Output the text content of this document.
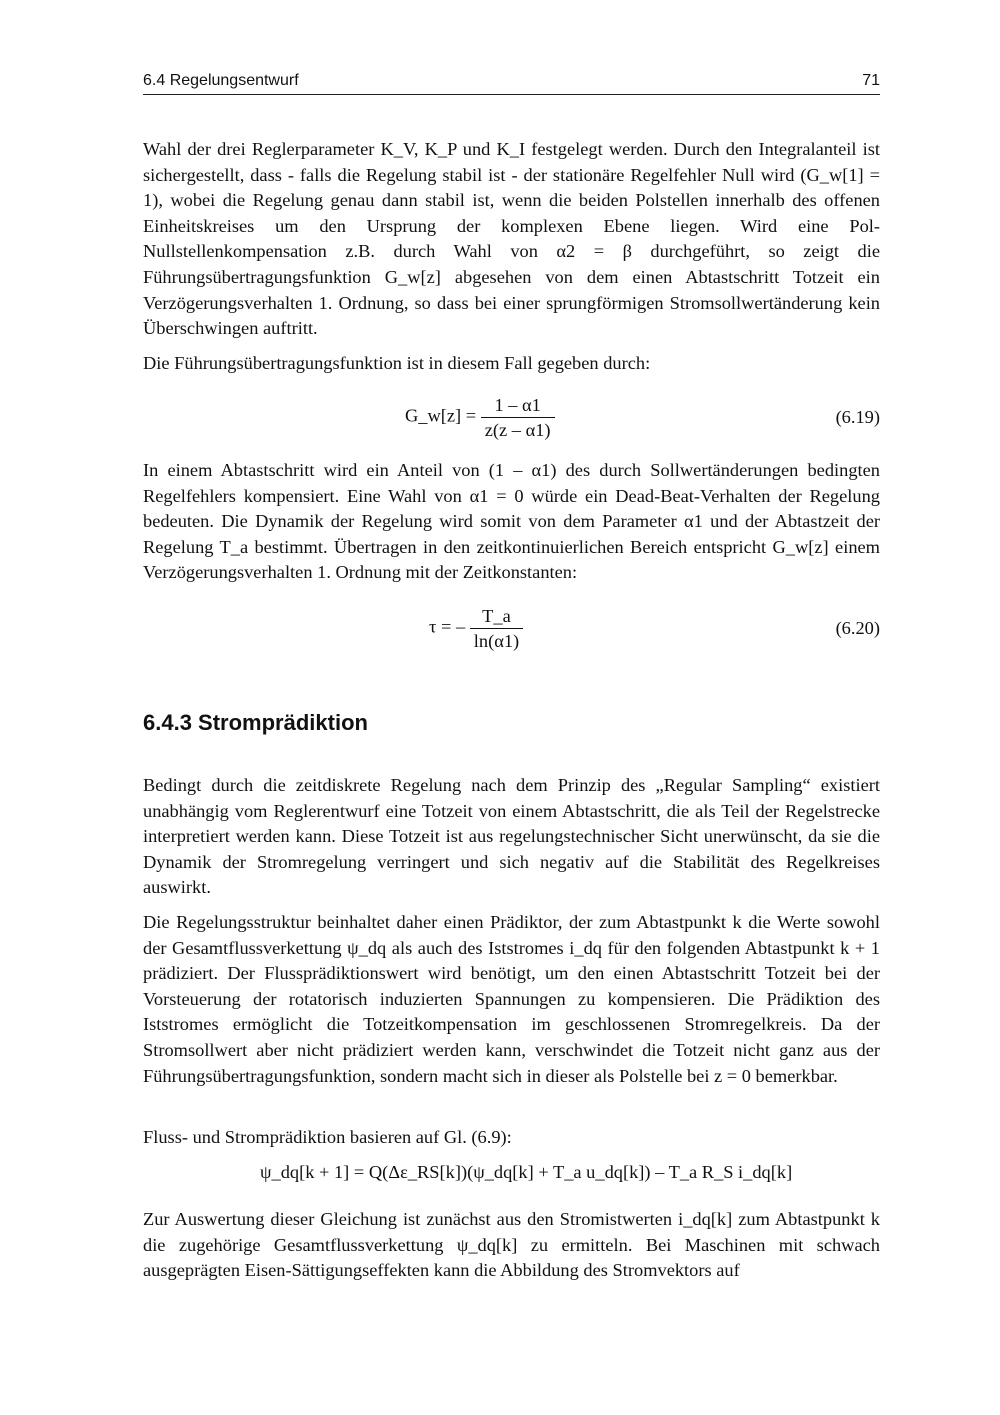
6.4 Regelungsentwurf	71

Wahl der drei Reglerparameter K_V, K_P und K_I festgelegt werden. Durch den Integralanteil ist sichergestellt, dass - falls die Regelung stabil ist - der stationäre Regelfehler Null wird (G_w[1] = 1), wobei die Regelung genau dann stabil ist, wenn die beiden Polstellen innerhalb des offenen Einheitskreises um den Ursprung der komplexen Ebene liegen. Wird eine Pol-Nullstellenkompensation z.B. durch Wahl von α2 = β durchgeführt, so zeigt die Führungsübertragungsfunktion G_w[z] abgesehen von dem einen Abtastschritt Totzeit ein Verzögerungsverhalten 1. Ordnung, so dass bei einer sprungförmigen Stromsollwertänderung kein Überschwingen auftritt.

Die Führungsübertragungsfunktion ist in diesem Fall gegeben durch:

G_w[z] = $\frac{1 - \alpha 1}{z(z - \alpha 1)}$	(6.19)

In einem Abtastschritt wird ein Anteil von (1 – α1) des durch Sollwertänderungen bedingten Regelfehlers kompensiert. Eine Wahl von α1 = 0 würde ein Dead-Beat-Verhalten der Regelung bedeuten. Die Dynamik der Regelung wird somit von dem Parameter α1 und der Abtastzeit der Regelung T_a bestimmt. Übertragen in den zeitkontinuierlichen Bereich entspricht G_w[z] einem Verzögerungsverhalten 1. Ordnung mit der Zeitkonstanten:

τ = – $\frac{T\_a}{\ln(\alpha 1)}$	(6.20)
6.4.3 Stromprädiktion

Bedingt durch die zeitdiskrete Regelung nach dem Prinzip des „Regular Sampling“ existiert unabhängig vom Reglerentwurf eine Totzeit von einem Abtastschritt, die als Teil der Regelstrecke interpretiert werden kann. Diese Totzeit ist aus regelungstechnischer Sicht unerwünscht, da sie die Dynamik der Stromregelung verringert und sich negativ auf die Stabilität des Regelkreises auswirkt.

Die Regelungsstruktur beinhaltet daher einen Prädiktor, der zum Abtastpunkt k die Werte sowohl der Gesamtflussverkettung ψ_dq als auch des Iststromes i_dq für den folgenden Abtastpunkt k + 1 prädiziert. Der Flussprädiktionswert wird benötigt, um den einen Abtastschritt Totzeit bei der Vorsteuerung der rotatorisch induzierten Spannungen zu kompensieren. Die Prädiktion des Iststromes ermöglicht die Totzeitkompensation im geschlossenen Stromregelkreis. Da der Stromsollwert aber nicht prädiziert werden kann, verschwindet die Totzeit nicht ganz aus der Führungsübertragungsfunktion, sondern macht sich in dieser als Polstelle bei z = 0 bemerkbar.

Fluss- und Stromprädiktion basieren auf Gl. (6.9):

ψ_dq[k + 1] = Q(Δε_RS[k])(ψ_dq[k] + T_a u_dq[k]) – T_a R_S i_dq[k]

Zur Auswertung dieser Gleichung ist zunächst aus den Stromistwerten i_dq[k] zum Abtastpunkt k die zugehörige Gesamtflussverkettung ψ_dq[k] zu ermitteln. Bei Maschinen mit schwach ausgeprägten Eisen-Sättigungseffekten kann die Abbildung des Stromvektors auf
